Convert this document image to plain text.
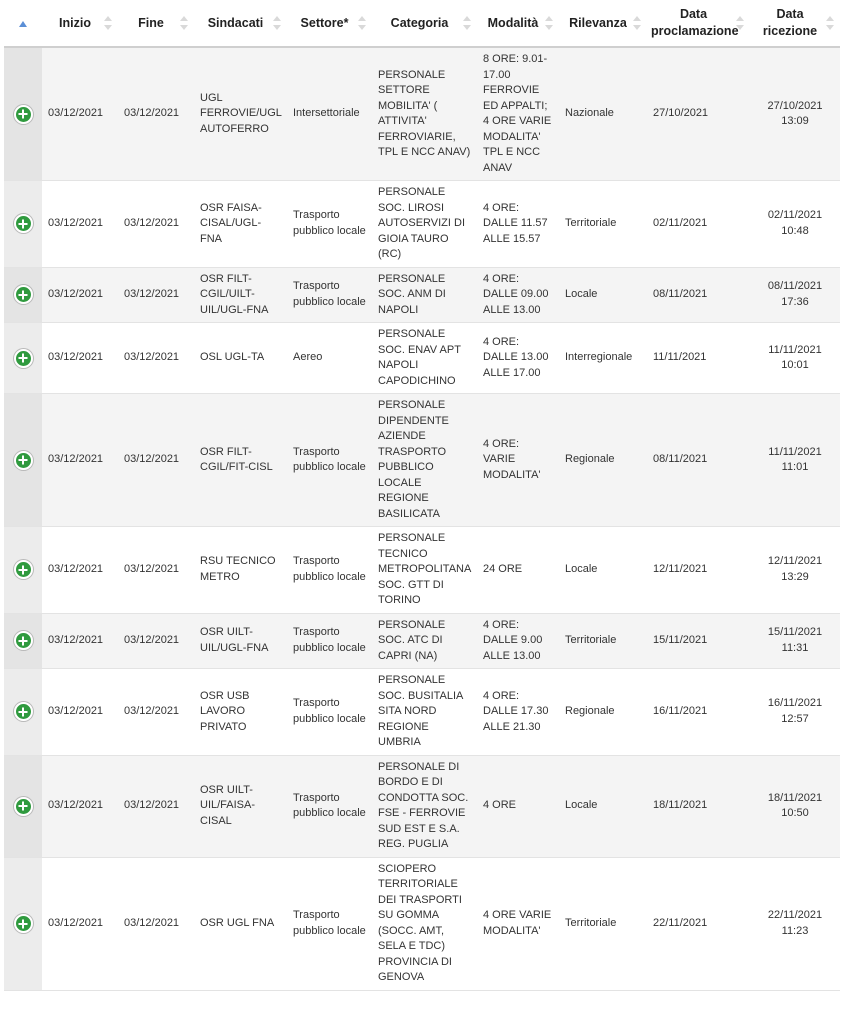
	Inizio	Fine	Sindacati	Settore*	Categoria	Modalità	Rilevanza	Data proclamazione	Data ricezione

	03/12/2021	03/12/2021	UGL FERROVIE/UGL AUTOFERRO	Intersettoriale	PERSONALE SETTORE MOBILITA' ( ATTIVITA' FERROVIARIE, TPL E NCC ANAV)	8 ORE: 9.01-17.00 FERROVIE ED APPALTI; 4 ORE VARIE MODALITA' TPL E NCC ANAV	Nazionale	27/10/2021	27/10/2021 13:09
	03/12/2021	03/12/2021	OSR FAISA-CISAL/UGL-FNA	Trasporto pubblico locale	PERSONALE SOC. LIROSI AUTOSERVIZI DI GIOIA TAURO (RC)	4 ORE: DALLE 11.57 ALLE 15.57	Territoriale	02/11/2021	02/11/2021 10:48
	03/12/2021	03/12/2021	OSR FILT-CGIL/UILT-UIL/UGL-FNA	Trasporto pubblico locale	PERSONALE SOC. ANM DI NAPOLI	4 ORE: DALLE 09.00 ALLE 13.00	Locale	08/11/2021	08/11/2021 17:36
	03/12/2021	03/12/2021	OSL UGL-TA	Aereo	PERSONALE SOC. ENAV APT NAPOLI CAPODICHINO	4 ORE: DALLE 13.00 ALLE 17.00	Interregionale	11/11/2021	11/11/2021 10:01
	03/12/2021	03/12/2021	OSR FILT-CGIL/FIT-CISL	Trasporto pubblico locale	PERSONALE DIPENDENTE AZIENDE TRASPORTO PUBBLICO LOCALE REGIONE BASILICATA	4 ORE: VARIE MODALITA'	Regionale	08/11/2021	11/11/2021 11:01
	03/12/2021	03/12/2021	RSU TECNICO METRO	Trasporto pubblico locale	PERSONALE TECNICO METROPOLITANA SOC. GTT DI TORINO	24 ORE	Locale	12/11/2021	12/11/2021 13:29
	03/12/2021	03/12/2021	OSR UILT-UIL/UGL-FNA	Trasporto pubblico locale	PERSONALE SOC. ATC DI CAPRI (NA)	4 ORE: DALLE 9.00 ALLE 13.00	Territoriale	15/11/2021	15/11/2021 11:31
	03/12/2021	03/12/2021	OSR USB LAVORO PRIVATO	Trasporto pubblico locale	PERSONALE SOC. BUSITALIA SITA NORD REGIONE UMBRIA	4 ORE: DALLE 17.30 ALLE 21.30	Regionale	16/11/2021	16/11/2021 12:57
	03/12/2021	03/12/2021	OSR UILT-UIL/FAISA-CISAL	Trasporto pubblico locale	PERSONALE DI BORDO E DI CONDOTTA SOC. FSE - FERROVIE SUD EST E S.A. REG. PUGLIA	4 ORE	Locale	18/11/2021	18/11/2021 10:50
	03/12/2021	03/12/2021	OSR UGL FNA	Trasporto pubblico locale	SCIOPERO TERRITORIALE DEI TRASPORTI SU GOMMA (SOCC. AMT, SELA E TDC) PROVINCIA DI GENOVA	4 ORE VARIE MODALITA'	Territoriale	22/11/2021	22/11/2021 11:23
